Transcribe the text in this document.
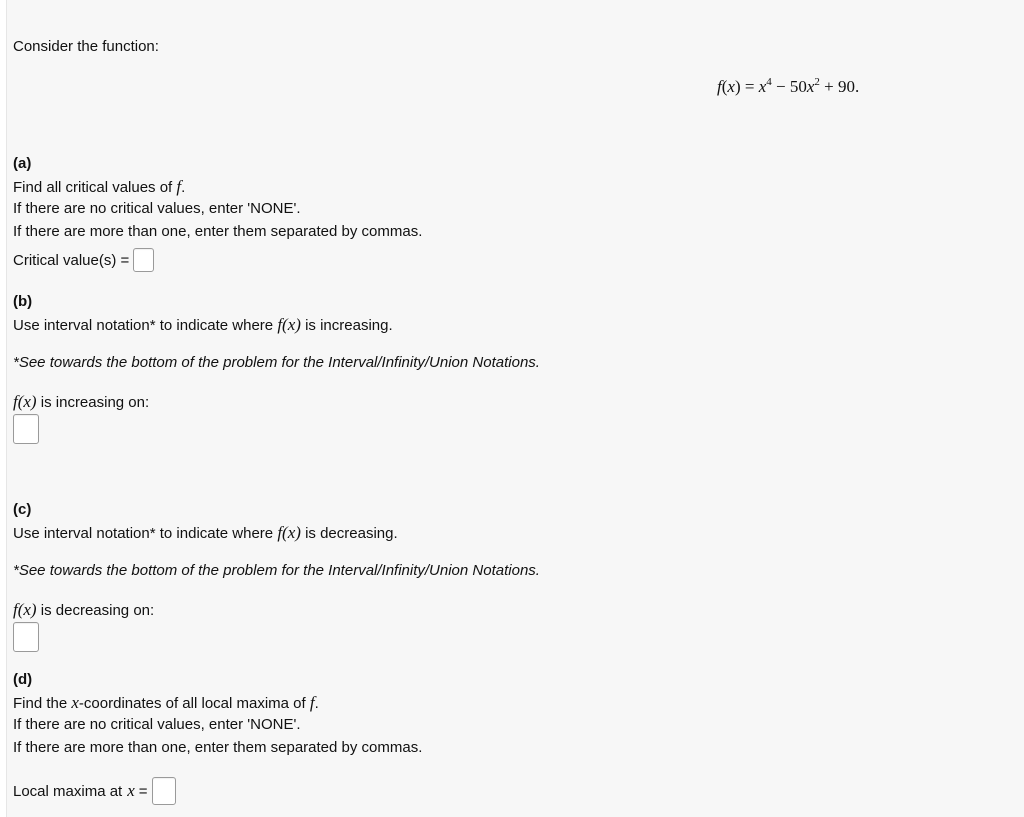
Consider the function:
$f(x) = x^4 - 50x^2 + 90$.
(a)
Find all critical values of f.
If there are no critical values, enter 'NONE'.
If there are more than one, enter them separated by commas.
Critical value(s) =
(b)
Use interval notation* to indicate where f(x) is increasing.
*See towards the bottom of the problem for the Interval/Infinity/Union Notations.
f(x) is increasing on:
(c)
Use interval notation* to indicate where f(x) is decreasing.
*See towards the bottom of the problem for the Interval/Infinity/Union Notations.
f(x) is decreasing on:
(d)
Find the x-coordinates of all local maxima of f.
If there are no critical values, enter 'NONE'.
If there are more than one, enter them separated by commas.
Local maxima at x =
